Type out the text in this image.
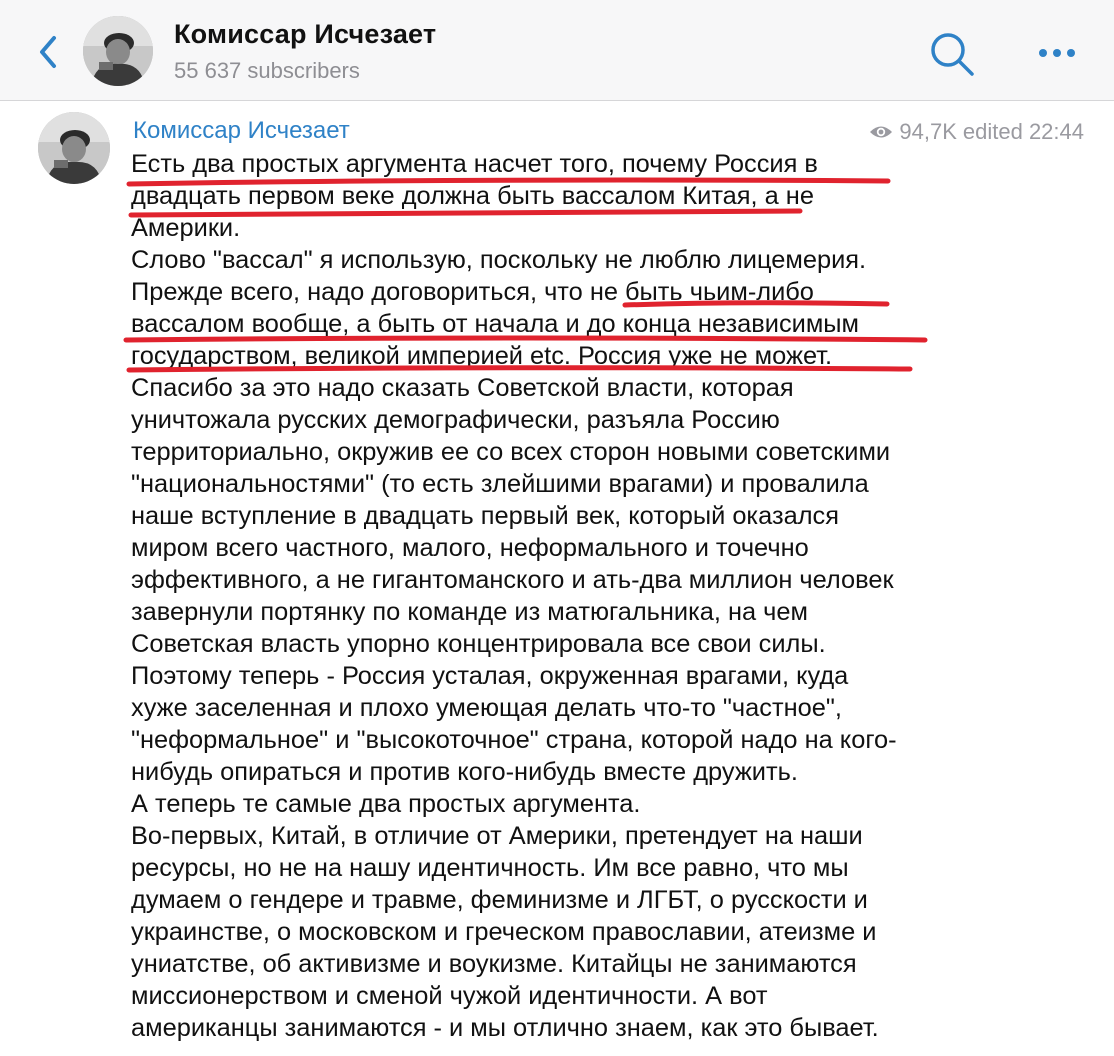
Комиссар Исчезает
55 637 subscribers
Комиссар Исчезает	94,7K edited 22:44
Есть два простых аргумента насчет того, почему Россия в
двадцать первом веке должна быть вассалом Китая, а не
Америки.
Слово "вассал" я использую, поскольку не люблю лицемерия.
Прежде всего, надо договориться, что не быть чьим-либо
вассалом вообще, а быть от начала и до конца независимым
государством, великой империей etc. Россия уже не может.
Спасибо за это надо сказать Советской власти, которая
уничтожала русских демографически, разъяла Россию
территориально, окружив ее со всех сторон новыми советскими
"национальностями" (то есть злейшими врагами) и провалила
наше вступление в двадцать первый век, который оказался
миром всего частного, малого, неформального и точечно
эффективного, а не гигантоманского и ать-два миллион человек
завернули портянку по команде из матюгальника, на чем
Советская власть упорно концентрировала все свои силы.
Поэтому теперь - Россия усталая, окруженная врагами, куда
хуже заселенная и плохо умеющая делать что-то "частное",
"неформальное" и "высокоточное" страна, которой надо на кого-
нибудь опираться и против кого-нибудь вместе дружить.
А теперь те самые два простых аргумента.
Во-первых, Китай, в отличие от Америки, претендует на наши
ресурсы, но не на нашу идентичность. Им все равно, что мы
думаем о гендере и травме, феминизме и ЛГБТ, о русскости и
украинстве, о московском и греческом православии, атеизме и
униатстве, об активизме и воукизме. Китайцы не занимаются
миссионерством и сменой чужой идентичности. А вот
американцы занимаются - и мы отлично знаем, как это бывает.
